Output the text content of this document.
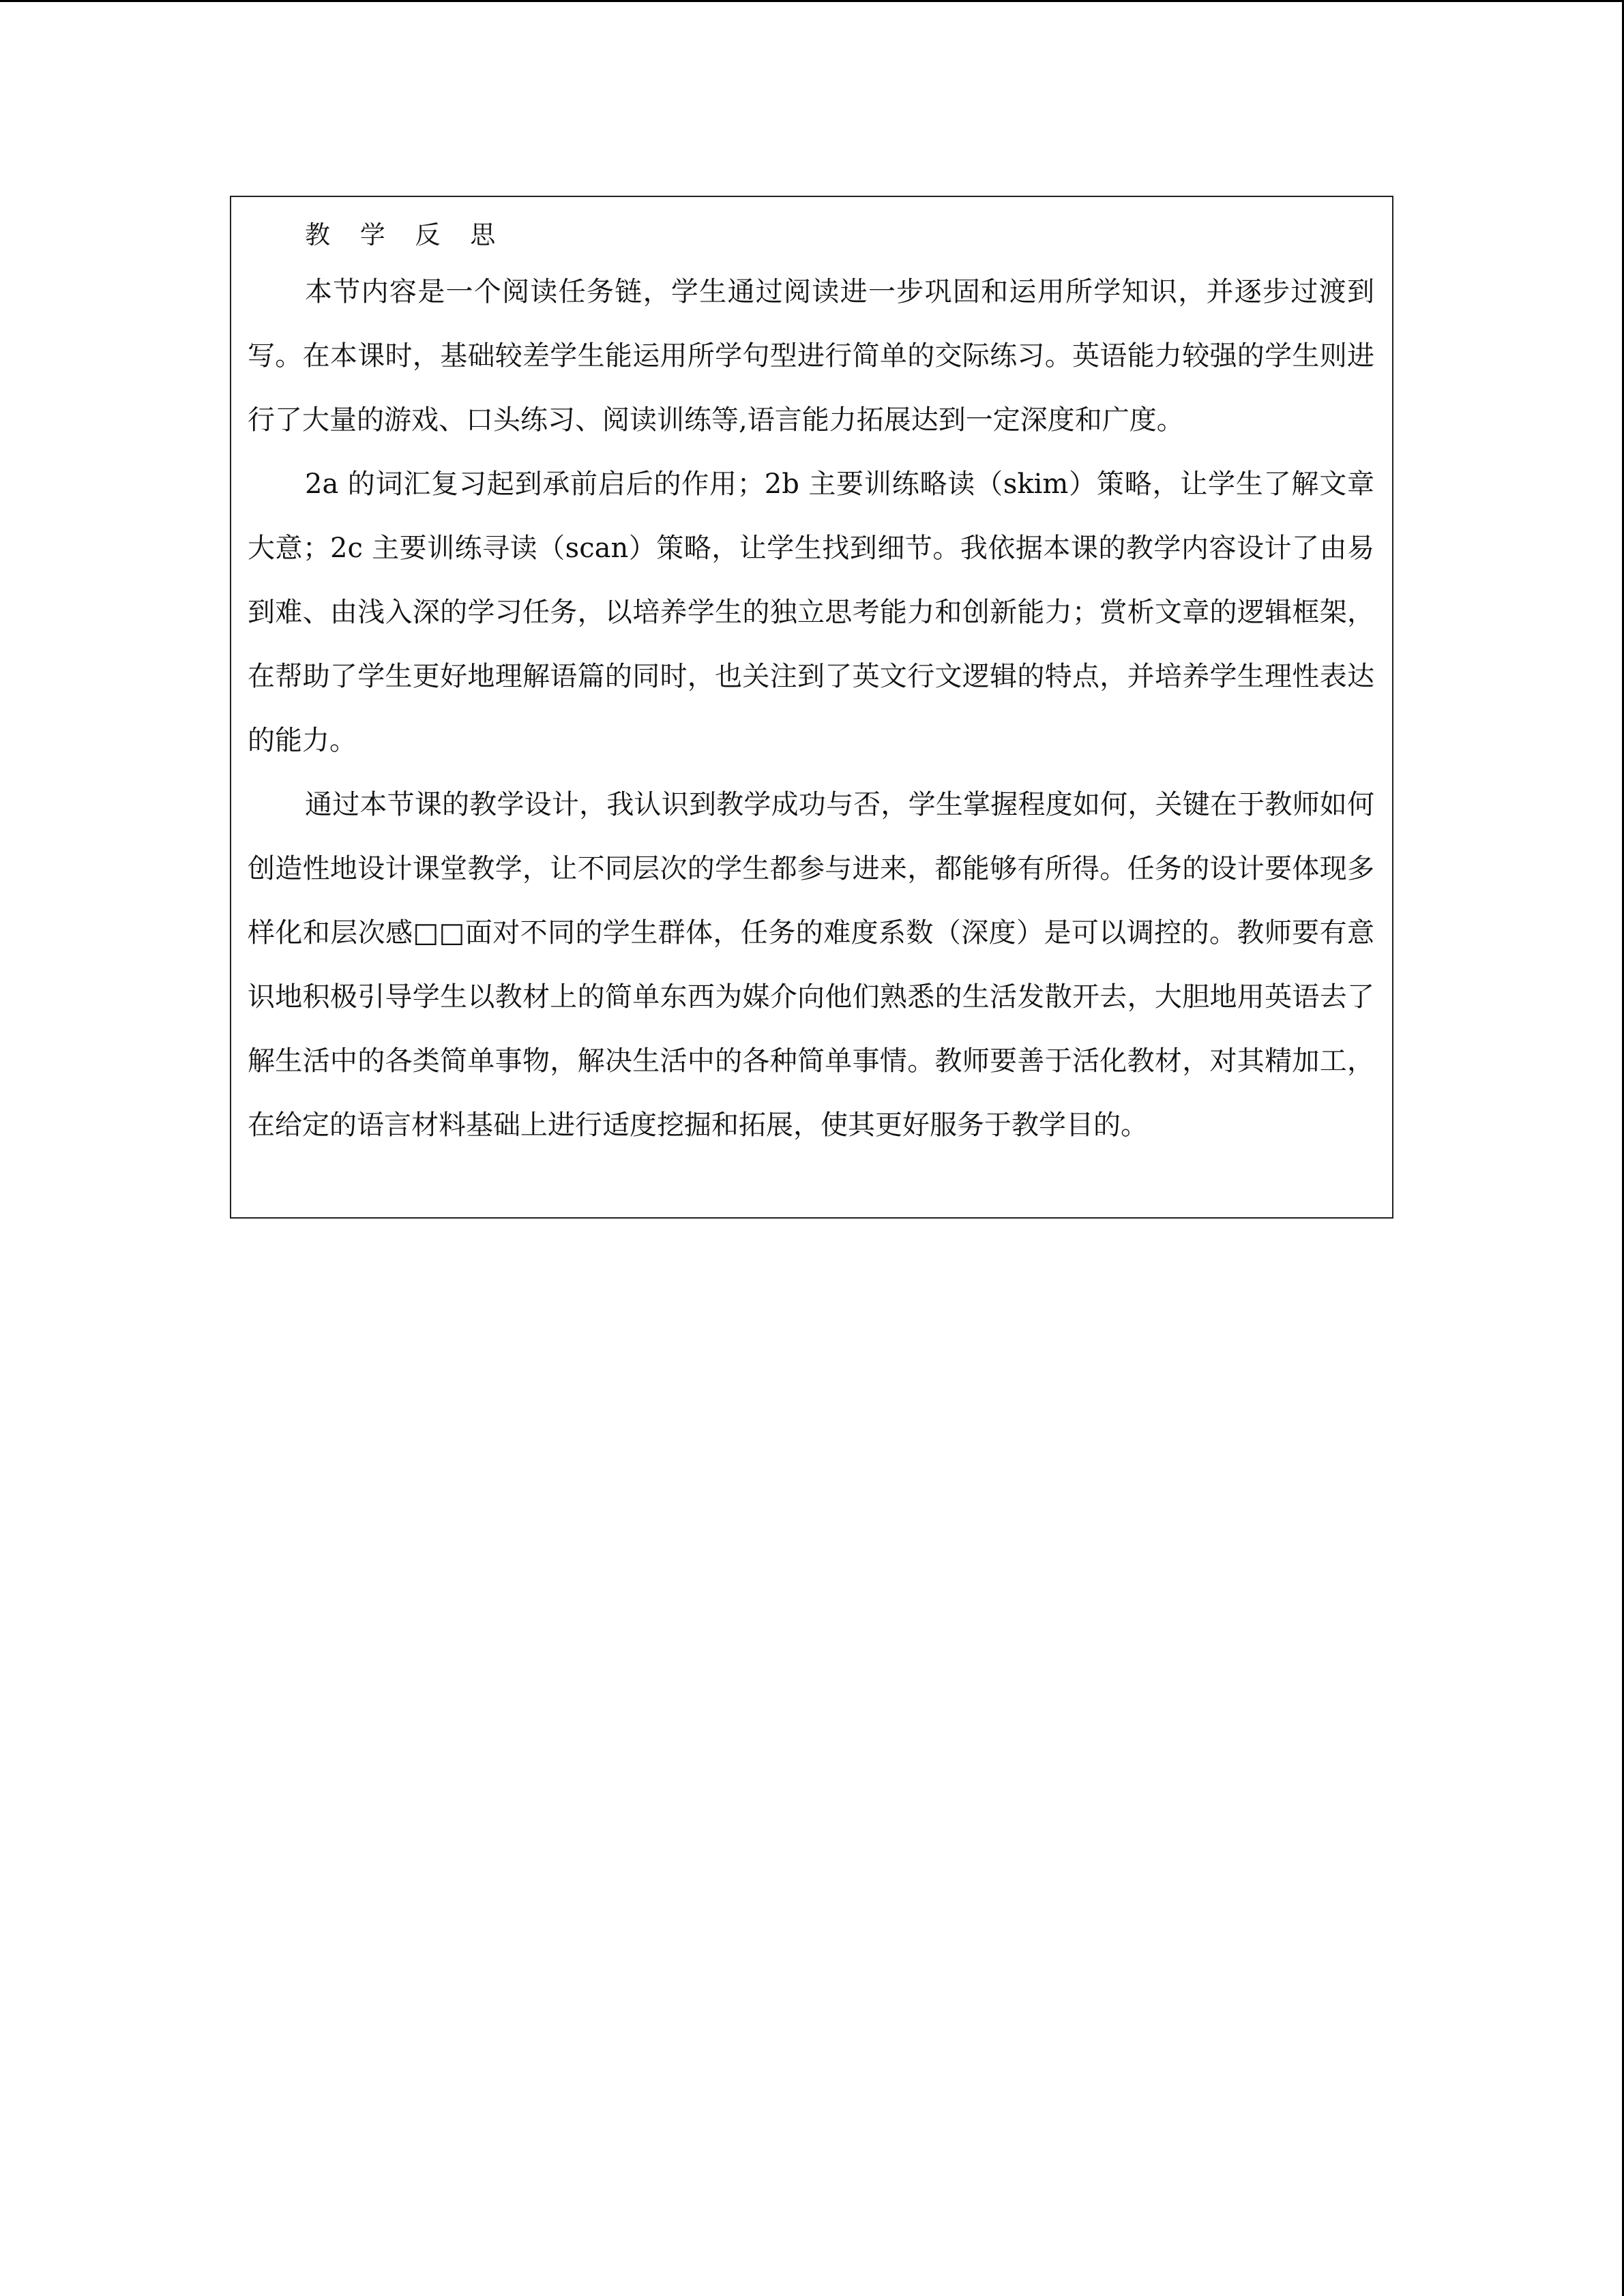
教 学 反 思

本节内容是一个阅读任务链，学生通过阅读进一步巩固和运用所学知识，并逐步过渡到写。在本课时，基础较差学生能运用所学句型进行简单的交际练习。英语能力较强的学生则进行了大量的游戏、口头练习、阅读训练等,语言能力拓展达到一定深度和广度。

2a 的词汇复习起到承前启后的作用；2b 主要训练略读（skim）策略，让学生了解文章大意；2c 主要训练寻读（scan）策略，让学生找到细节。我依据本课的教学内容设计了由易到难、由浅入深的学习任务，以培养学生的独立思考能力和创新能力；赏析文章的逻辑框架，在帮助了学生更好地理解语篇的同时，也关注到了英文行文逻辑的特点，并培养学生理性表达的能力。

通过本节课的教学设计，我认识到教学成功与否，学生掌握程度如何，关键在于教师如何创造性地设计课堂教学，让不同层次的学生都参与进来，都能够有所得。任务的设计要体现多样化和层次感□□面对不同的学生群体，任务的难度系数（深度）是可以调控的。教师要有意识地积极引导学生以教材上的简单东西为媒介向他们熟悉的生活发散开去，大胆地用英语去了解生活中的各类简单事物，解决生活中的各种简单事情。教师要善于活化教材，对其精加工，在给定的语言材料基础上进行适度挖掘和拓展，使其更好服务于教学目的。
